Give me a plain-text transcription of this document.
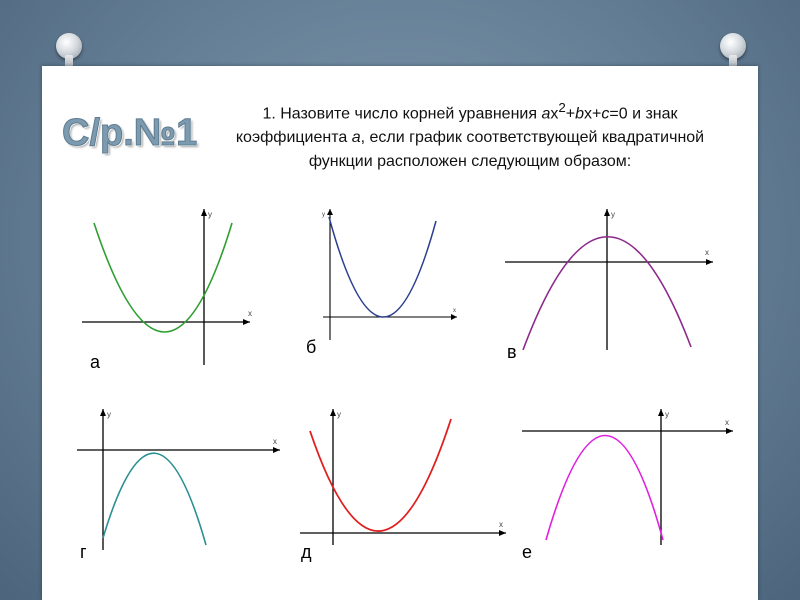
С/р.№1	1. Назовите число корней уравнения $ax^2+bx+c=0$ и знак
коэффициента a, если график соответствующей квадратичной
функции расположен следующим образом:
x
y
а
x
y
б
x
y
в
x
y
г
x
y
д
x
y
е
